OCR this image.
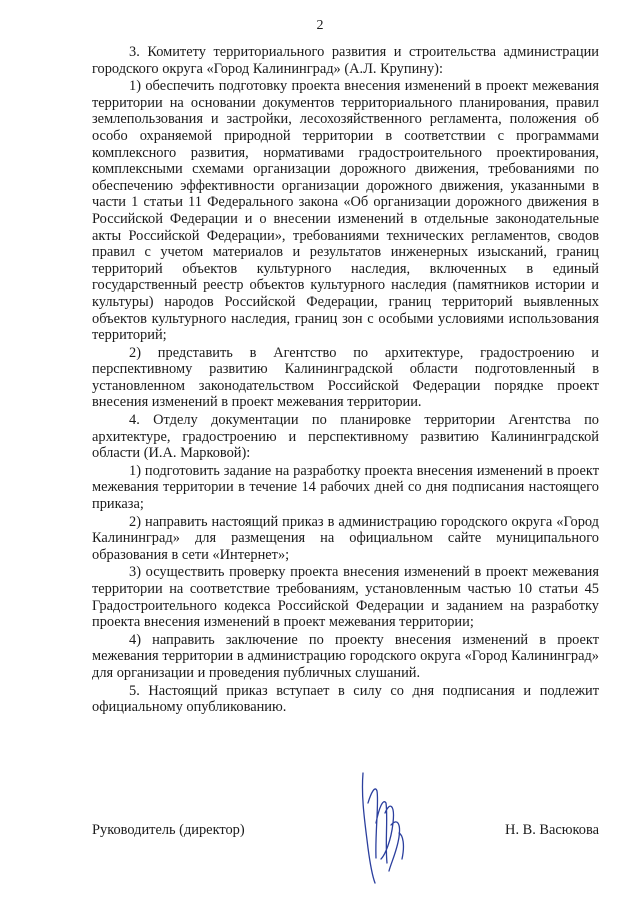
2

3. Комитету территориального развития и строительства администрации городского округа «Город Калининград» (А.Л. Крупину):

1) обеспечить подготовку проекта внесения изменений в проект межевания территории на основании документов территориального планирования, правил землепользования и застройки, лесохозяйственного регламента, положения об особо охраняемой природной территории в соответствии с программами комплексного развития, нормативами градостроительного проектирования, комплексными схемами организации дорожного движения, требованиями по обеспечению эффективности организации дорожного движения, указанными в части 1 статьи 11 Федерального закона «Об организации дорожного движения в Российской Федерации и о внесении изменений в отдельные законодательные акты Российской Федерации», требованиями технических регламентов, сводов правил с учетом материалов и результатов инженерных изысканий, границ территорий объектов культурного наследия, включенных в единый государственный реестр объектов культурного наследия (памятников истории и культуры) народов Российской Федерации, границ территорий выявленных объектов культурного наследия, границ зон с особыми условиями использования территорий;

2) представить в Агентство по архитектуре, градостроению и перспективному развитию Калининградской области подготовленный в установленном законодательством Российской Федерации порядке проект внесения изменений в проект межевания территории.

4. Отделу документации по планировке территории Агентства по архитектуре, градостроению и перспективному развитию Калининградской области (И.А. Марковой):

1) подготовить задание на разработку проекта внесения изменений в проект межевания территории в течение 14 рабочих дней со дня подписания настоящего приказа;

2) направить настоящий приказ в администрацию городского округа «Город Калининград» для размещения на официальном сайте муниципального образования в сети «Интернет»;

3) осуществить проверку проекта внесения изменений в проект межевания территории на соответствие требованиям, установленным частью 10 статьи 45 Градостроительного кодекса Российской Федерации и заданием на разработку проекта внесения изменений в проект межевания территории;

4) направить заключение по проекту внесения изменений в проект межевания территории в администрацию городского округа «Город Калининград» для организации и проведения публичных слушаний.

5. Настоящий приказ вступает в силу со дня подписания и подлежит официальному опубликованию.

Руководитель (директор)	Н. В. Васюкова
